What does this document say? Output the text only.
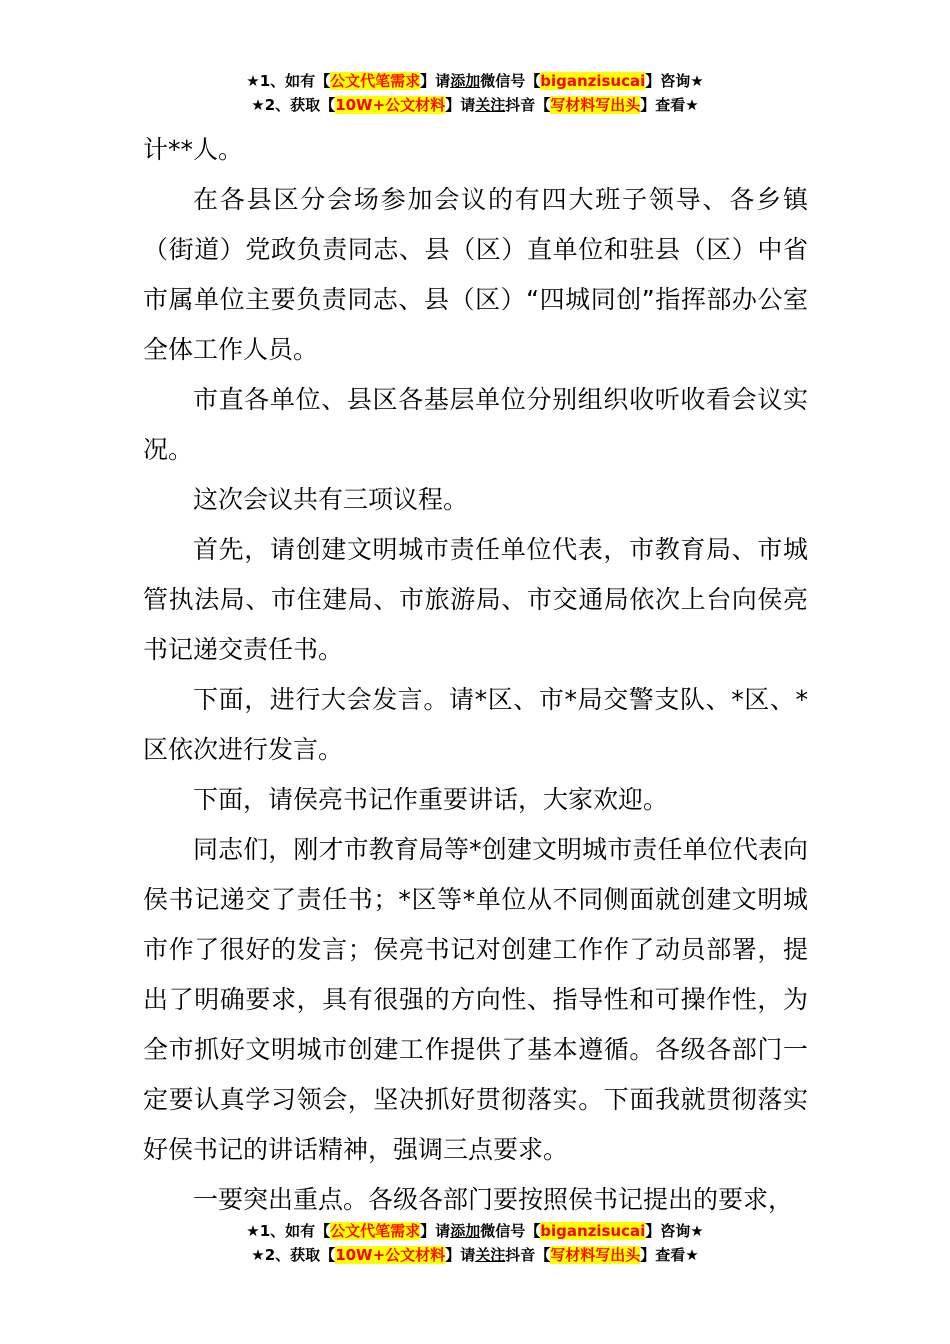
★1、如有【公文代笔需求】请添加微信号【biganzisucai】咨询★
★2、获取【10W+公文材料】请关注抖音【写材料写出头】查看★

计**人。

在各县区分会场参加会议的有四大班子领导、各乡镇（街道）党政负责同志、县（区）直单位和驻县（区）中省市属单位主要负责同志、县（区）“四城同创”指挥部办公室全体工作人员。

市直各单位、县区各基层单位分别组织收听收看会议实况。

这次会议共有三项议程。

首先，请创建文明城市责任单位代表，市教育局、市城管执法局、市住建局、市旅游局、市交通局依次上台向侯亮书记递交责任书。

下面，进行大会发言。请*区、市*局交警支队、*区、*区依次进行发言。

下面，请侯亮书记作重要讲话，大家欢迎。

同志们，刚才市教育局等*创建文明城市责任单位代表向侯书记递交了责任书；*区等*单位从不同侧面就创建文明城市作了很好的发言；侯亮书记对创建工作作了动员部署，提出了明确要求，具有很强的方向性、指导性和可操作性，为全市抓好文明城市创建工作提供了基本遵循。各级各部门一定要认真学习领会，坚决抓好贯彻落实。下面我就贯彻落实好侯书记的讲话精神，强调三点要求。

一要突出重点。各级各部门要按照侯书记提出的要求，

★1、如有【公文代笔需求】请添加微信号【biganzisucai】咨询★
★2、获取【10W+公文材料】请关注抖音【写材料写出头】查看★
